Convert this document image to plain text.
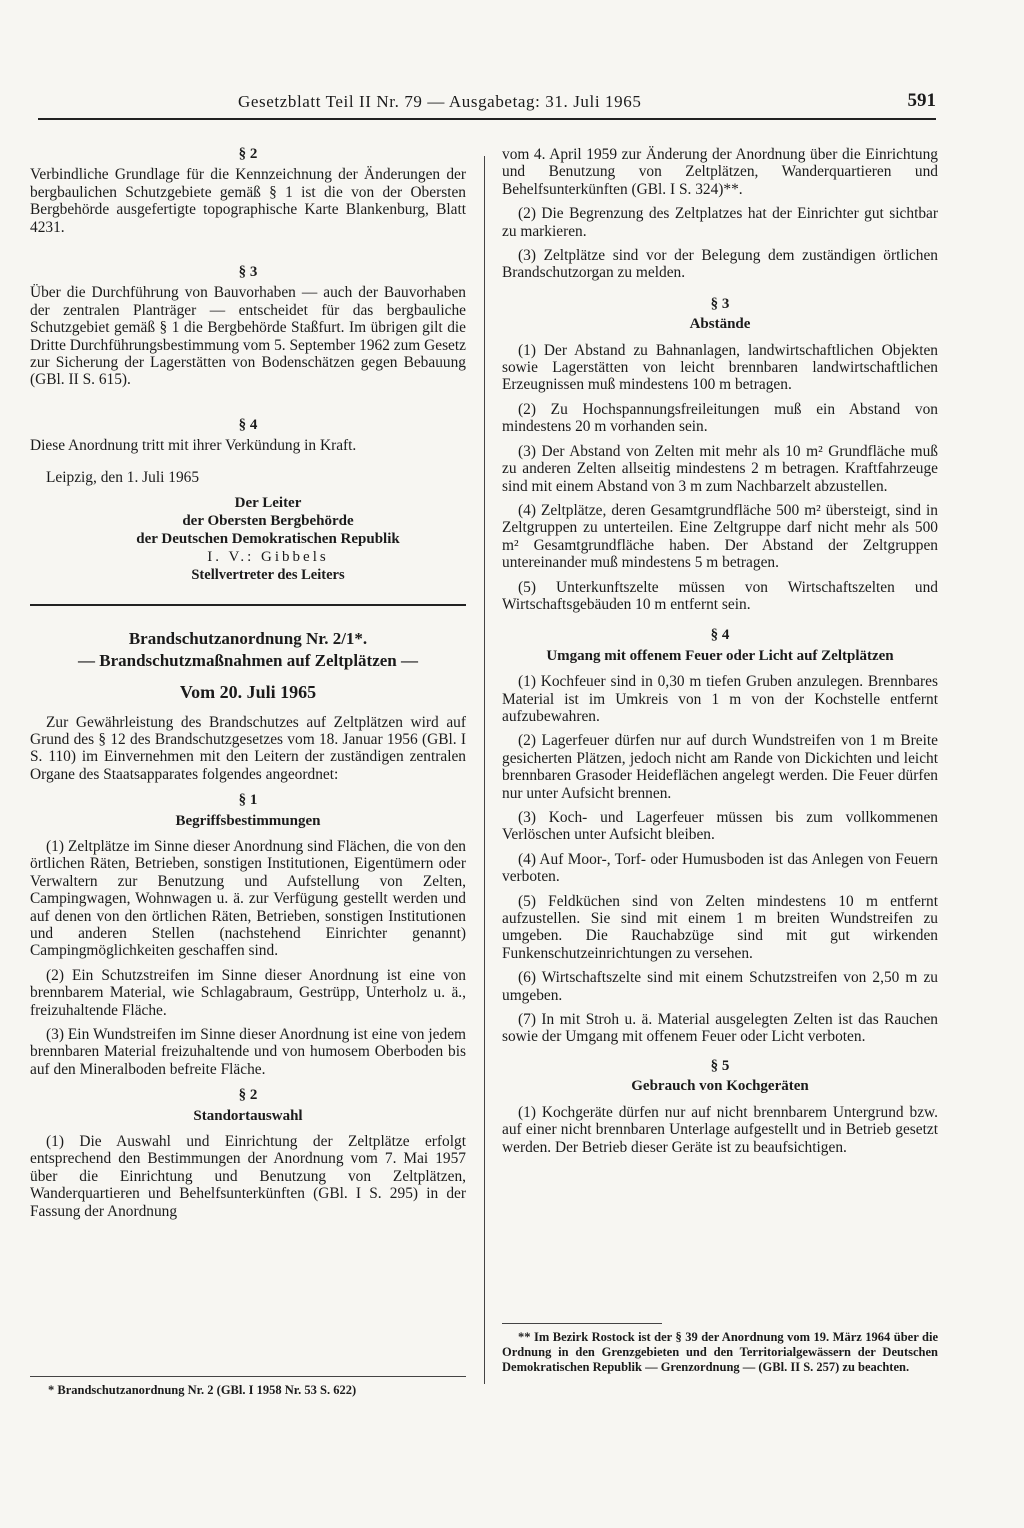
Gesetzblatt Teil II Nr. 79 — Ausgabetag: 31. Juli 1965	591
§ 2

Verbindliche Grundlage für die Kennzeichnung der Änderungen der bergbaulichen Schutzgebiete gemäß § 1 ist die von der Obersten Bergbehörde ausgefertigte topographische Karte Blankenburg, Blatt 4231.

§ 3

Über die Durchführung von Bauvorhaben — auch der Bauvorhaben der zentralen Planträger — entscheidet für das bergbauliche Schutzgebiet gemäß § 1 die Bergbehörde Staßfurt. Im übrigen gilt die Dritte Durchführungsbestimmung vom 5. September 1962 zum Gesetz zur Sicherung der Lagerstätten von Bodenschätzen gegen Bebauung (GBl. II S. 615).

§ 4

Diese Anordnung tritt mit ihrer Verkündung in Kraft.

Leipzig, den 1. Juli 1965
Der Leiter
der Obersten Bergbehörde
der Deutschen Demokratischen Republik
I. V.: Gibbels
Stellvertreter des Leiters
Brandschutzanordnung Nr. 2/1*.
— Brandschutzmaßnahmen auf Zeltplätzen —
Vom 20. Juli 1965

Zur Gewährleistung des Brandschutzes auf Zeltplätzen wird auf Grund des § 12 des Brandschutzgesetzes vom 18. Januar 1956 (GBl. I S. 110) im Einvernehmen mit den Leitern der zuständigen zentralen Organe des Staatsapparates folgendes angeordnet:

§ 1
Begriffsbestimmungen

(1) Zeltplätze im Sinne dieser Anordnung sind Flächen, die von den örtlichen Räten, Betrieben, sonstigen Institutionen, Eigentümern oder Verwaltern zur Benutzung und Aufstellung von Zelten, Campingwagen, Wohnwagen u. ä. zur Verfügung gestellt werden und auf denen von den örtlichen Räten, Betrieben, sonstigen Institutionen und anderen Stellen (nachstehend Einrichter genannt) Campingmöglichkeiten geschaffen sind.

(2) Ein Schutzstreifen im Sinne dieser Anordnung ist eine von brennbarem Material, wie Schlagabraum, Gestrüpp, Unterholz u. ä., freizuhaltende Fläche.

(3) Ein Wundstreifen im Sinne dieser Anordnung ist eine von jedem brennbaren Material freizuhaltende und von humosem Oberboden bis auf den Mineralboden befreite Fläche.

§ 2
Standortauswahl

(1) Die Auswahl und Einrichtung der Zeltplätze erfolgt entsprechend den Bestimmungen der Anordnung vom 7. Mai 1957 über die Einrichtung und Benutzung von Zeltplätzen, Wanderquartieren und Behelfsunterkünften (GBl. I S. 295) in der Fassung der Anordnung

* Brandschutzanordnung Nr. 2 (GBl. I 1958 Nr. 53 S. 622)

vom 4. April 1959 zur Änderung der Anordnung über die Einrichtung und Benutzung von Zeltplätzen, Wanderquartieren und Behelfsunterkünften (GBl. I S. 324)**.

(2) Die Begrenzung des Zeltplatzes hat der Einrichter gut sichtbar zu markieren.

(3) Zeltplätze sind vor der Belegung dem zuständigen örtlichen Brandschutzorgan zu melden.

§ 3
Abstände

(1) Der Abstand zu Bahnanlagen, landwirtschaftlichen Objekten sowie Lagerstätten von leicht brennbaren landwirtschaftlichen Erzeugnissen muß mindestens 100 m betragen.

(2) Zu Hochspannungsfreileitungen muß ein Abstand von mindestens 20 m vorhanden sein.

(3) Der Abstand von Zelten mit mehr als 10 m² Grundfläche muß zu anderen Zelten allseitig mindestens 2 m betragen. Kraftfahrzeuge sind mit einem Abstand von 3 m zum Nachbarzelt abzustellen.

(4) Zeltplätze, deren Gesamtgrundfläche 500 m² übersteigt, sind in Zeltgruppen zu unterteilen. Eine Zeltgruppe darf nicht mehr als 500 m² Gesamtgrundfläche haben. Der Abstand der Zeltgruppen untereinander muß mindestens 5 m betragen.

(5) Unterkunftszelte müssen von Wirtschaftszelten und Wirtschaftsgebäuden 10 m entfernt sein.

§ 4
Umgang mit offenem Feuer oder Licht auf Zeltplätzen

(1) Kochfeuer sind in 0,30 m tiefen Gruben anzulegen. Brennbares Material ist im Umkreis von 1 m von der Kochstelle entfernt aufzubewahren.

(2) Lagerfeuer dürfen nur auf durch Wundstreifen von 1 m Breite gesicherten Plätzen, jedoch nicht am Rande von Dickichten und leicht brennbaren Grasoder Heideflächen angelegt werden. Die Feuer dürfen nur unter Aufsicht brennen.

(3) Koch- und Lagerfeuer müssen bis zum vollkommenen Verlöschen unter Aufsicht bleiben.

(4) Auf Moor-, Torf- oder Humusboden ist das Anlegen von Feuern verboten.

(5) Feldküchen sind von Zelten mindestens 10 m entfernt aufzustellen. Sie sind mit einem 1 m breiten Wundstreifen zu umgeben. Die Rauchabzüge sind mit gut wirkenden Funkenschutzeinrichtungen zu versehen.

(6) Wirtschaftszelte sind mit einem Schutzstreifen von 2,50 m zu umgeben.

(7) In mit Stroh u. ä. Material ausgelegten Zelten ist das Rauchen sowie der Umgang mit offenem Feuer oder Licht verboten.

§ 5
Gebrauch von Kochgeräten

(1) Kochgeräte dürfen nur auf nicht brennbarem Untergrund bzw. auf einer nicht brennbaren Unterlage aufgestellt und in Betrieb gesetzt werden. Der Betrieb dieser Geräte ist zu beaufsichtigen.

** Im Bezirk Rostock ist der § 39 der Anordnung vom 19. März 1964 über die Ordnung in den Grenzgebieten und den Territorialgewässern der Deutschen Demokratischen Republik — Grenzordnung — (GBl. II S. 257) zu beachten.
